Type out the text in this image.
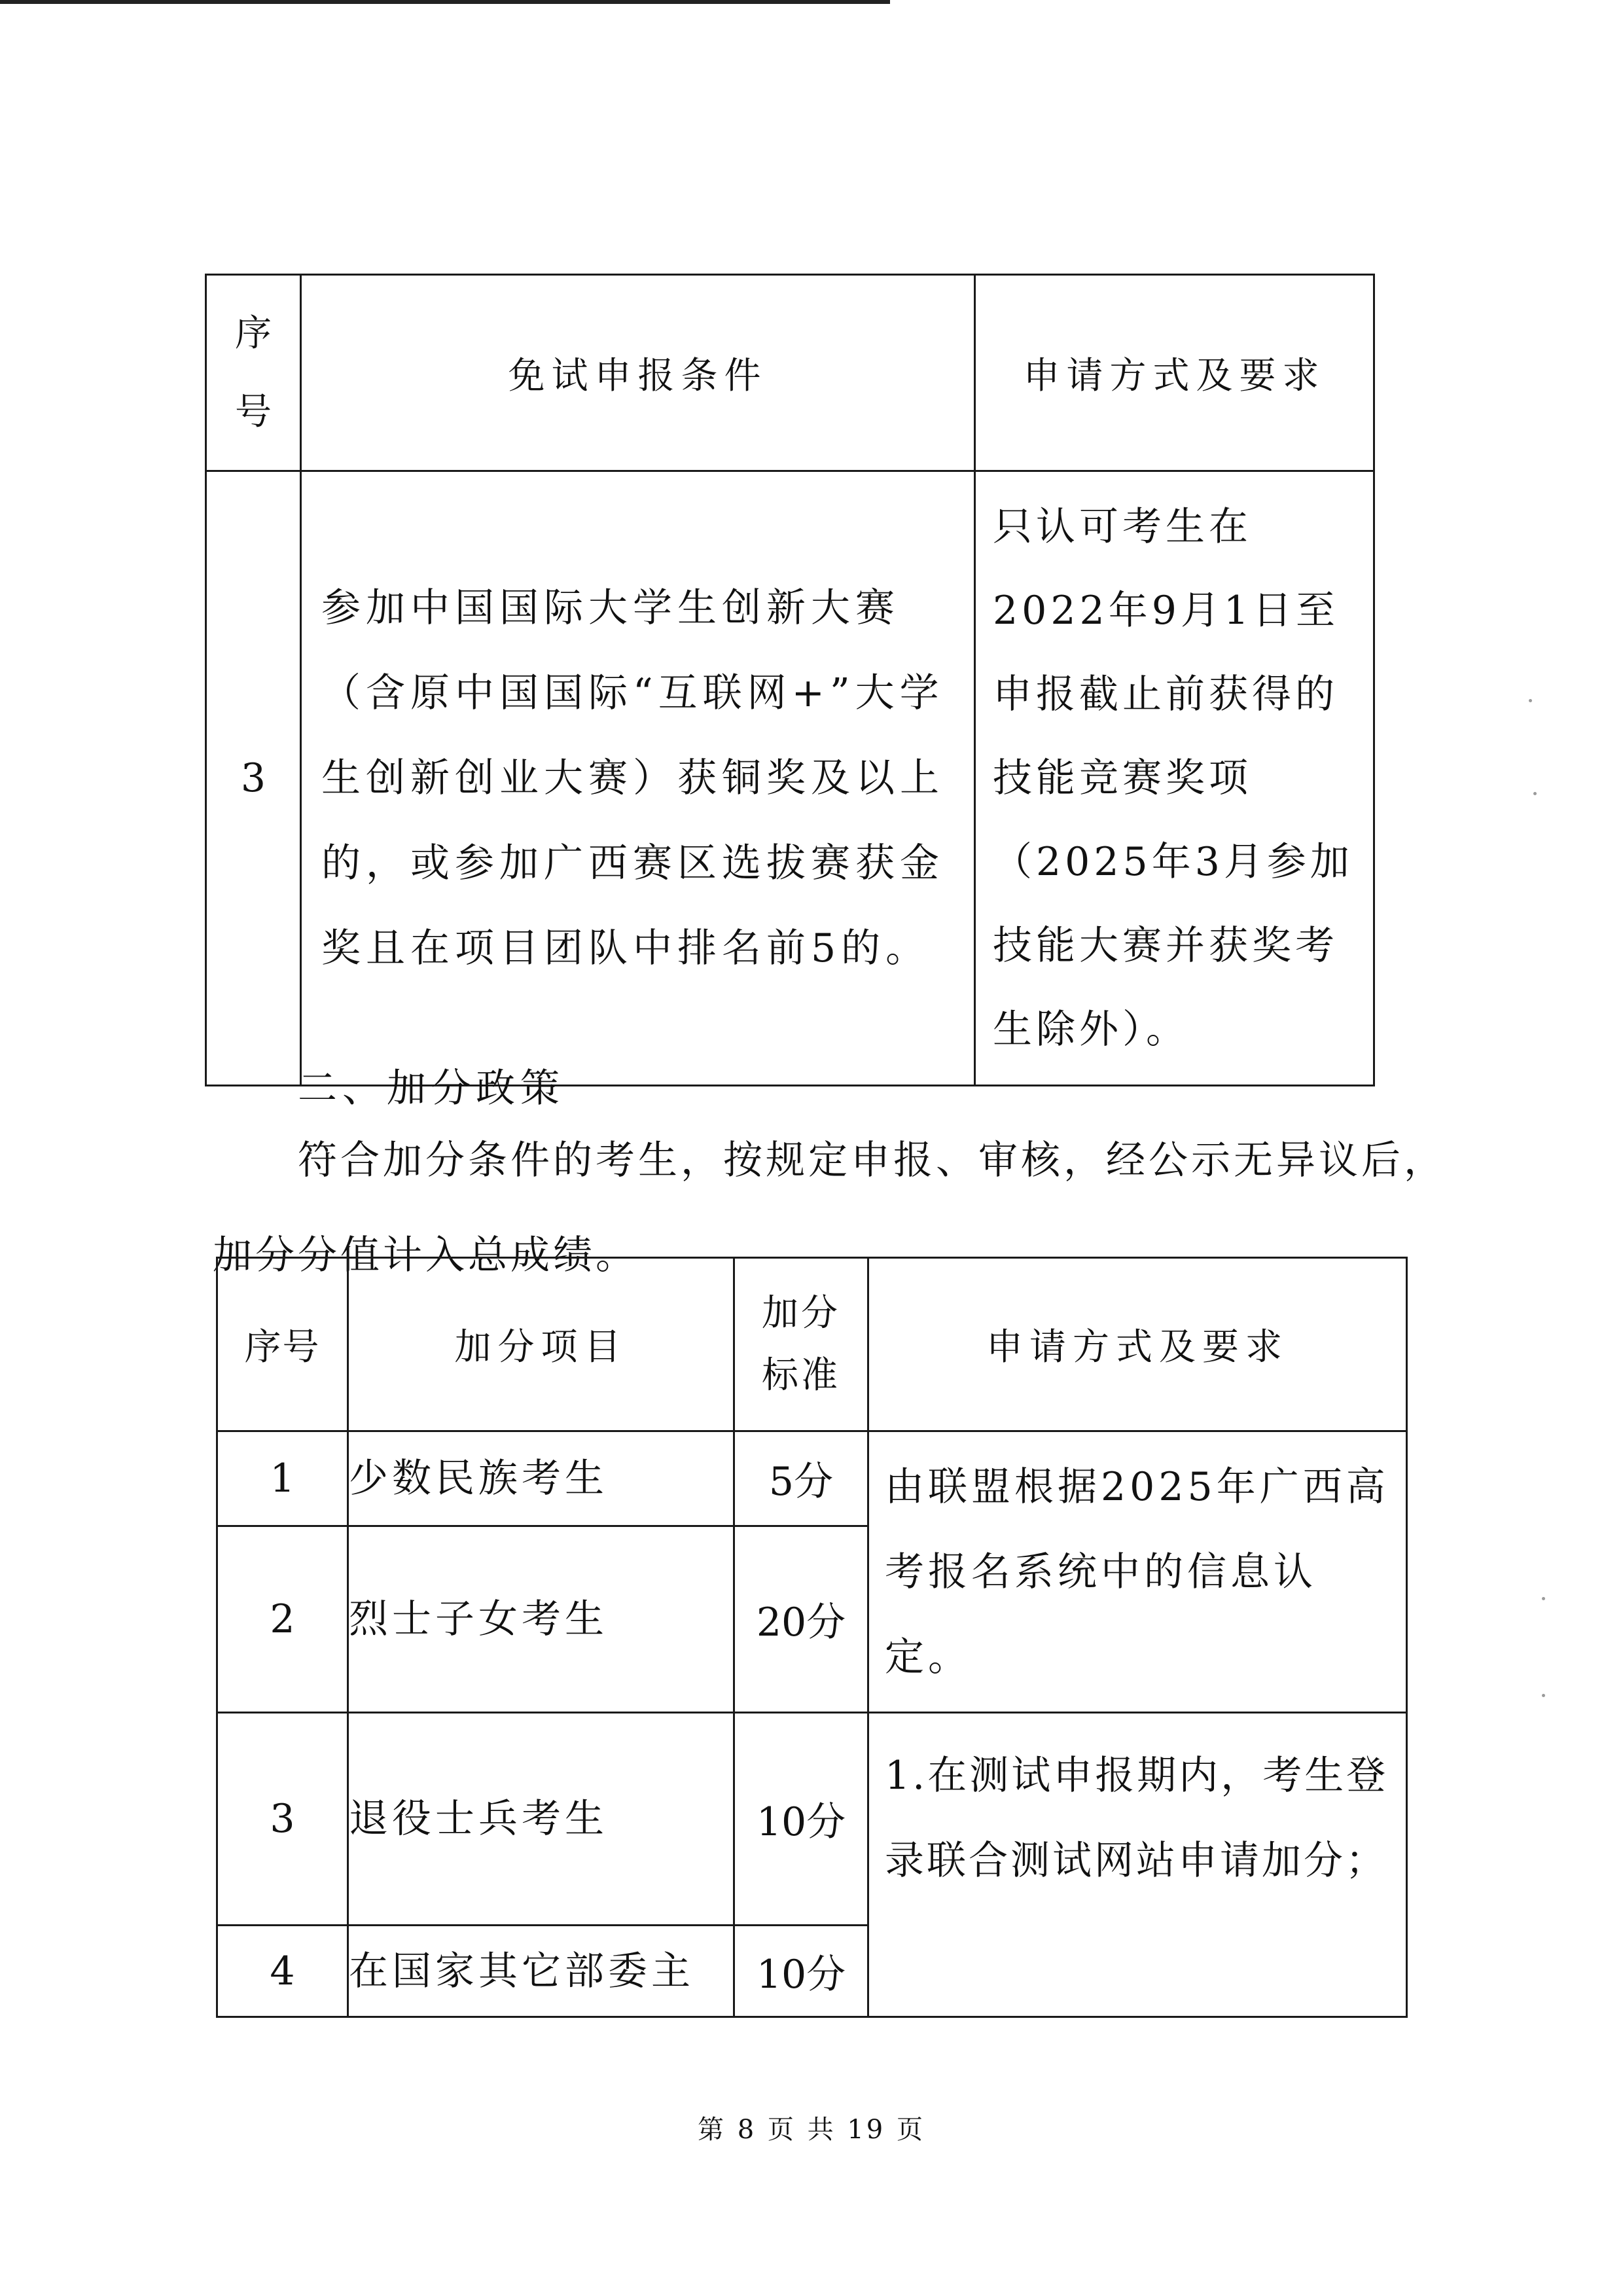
序号	免试申报条件	申请方式及要求
3	参加中国国际大学生创新大赛（含原中国国际“互联网+”大学生创新创业大赛）获铜奖及以上的，或参加广西赛区选拔赛获金奖且在项目团队中排名前5的。	只认可考生在2022年9月1日至申报截止前获得的技能竞赛奖项（2025年3月参加技能大赛并获奖考生除外）。
二、加分政策
符合加分条件的考生，按规定申报、审核，经公示无异议后，
加分分值计入总成绩。
序号	加分项目	加分标准	申请方式及要求
1	少数民族考生	5分	由联盟根据2025年广西高考报名系统中的信息认定。

2	烈士子女考生	20分	
3	退役士兵考生	10分	1.在测试申报期内，考生登录联合测试网站申请加分；

4	在国家其它部委主	10分	
第 8 页 共 19 页
